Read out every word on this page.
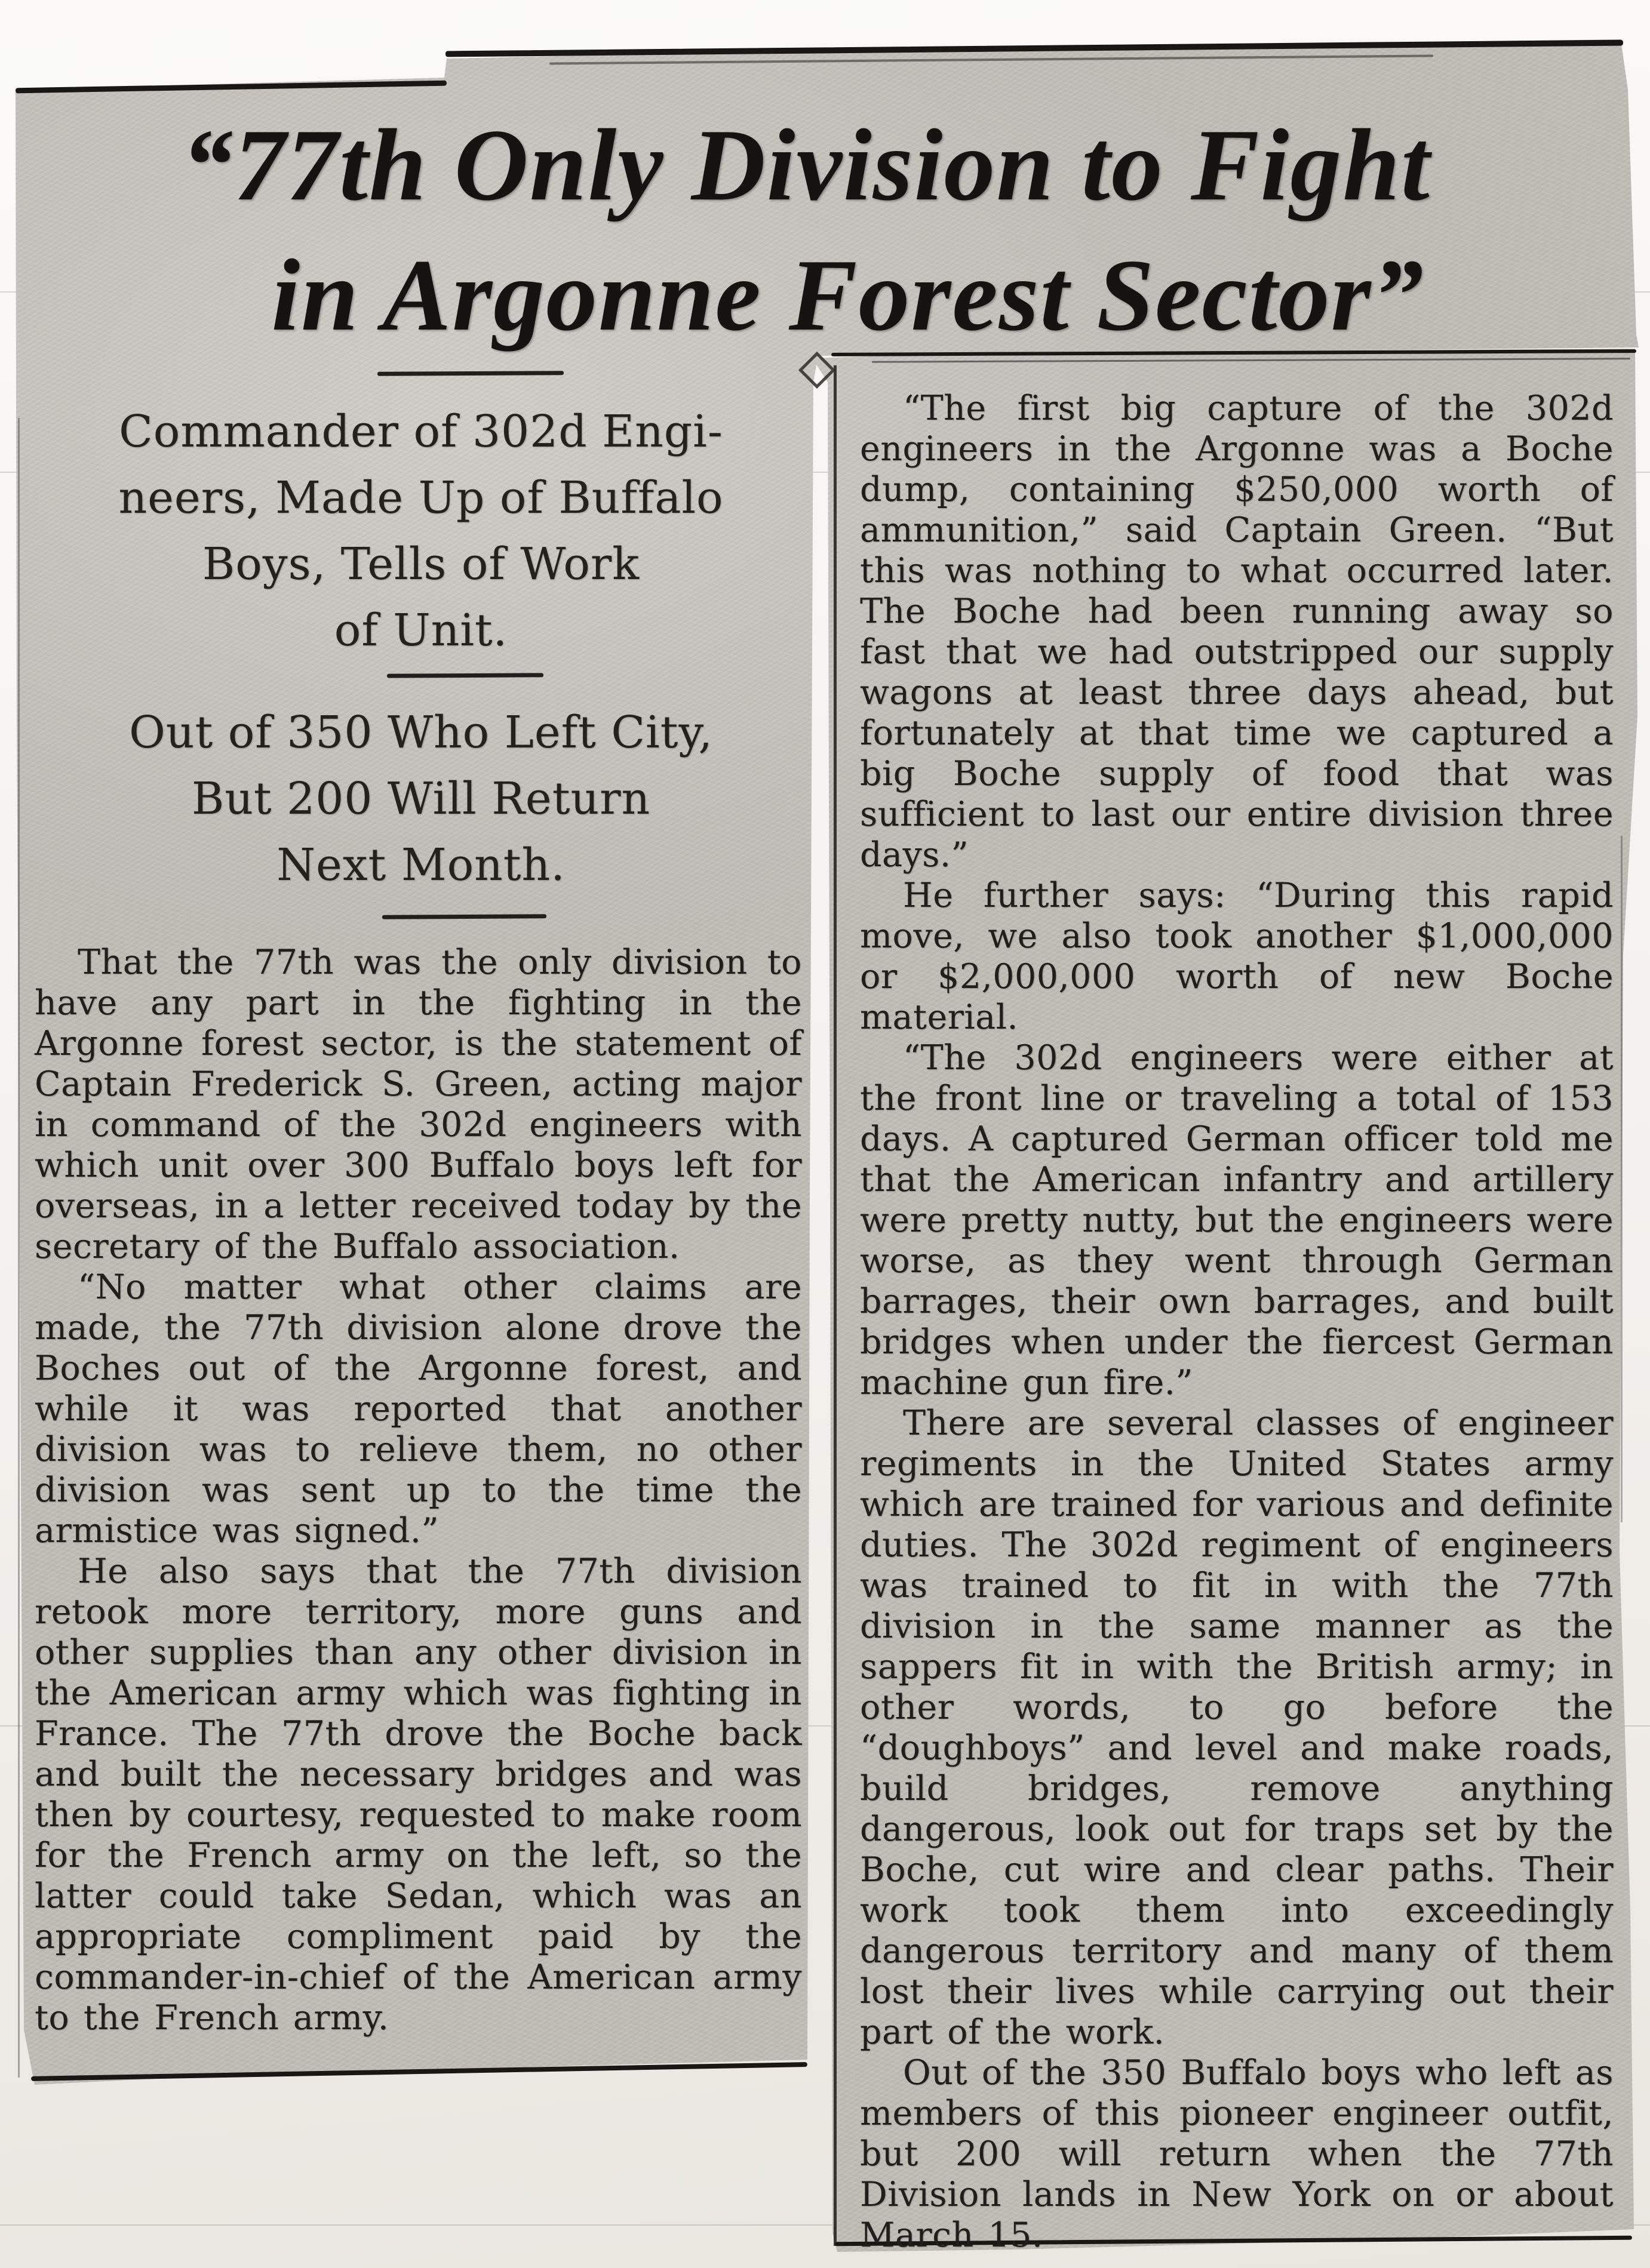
“77th Only Division to Fight
in Argonne Forest Sector”
Commander of 302d Engi-
neers, Made Up of Buffalo
Boys, Tells of Work
of Unit.
Out of 350 Who Left City,
But 200 Will Return
Next Month.

That the 77th was the only division to have any part in the fighting in the Argonne forest sector, is the statement of Captain Frederick S. Green, acting major in command of the 302d engineers with which unit over 300 Buffalo boys left for overseas, in a letter received today by the secretary of the Buffalo association.

“No matter what other claims are made, the 77th division alone drove the Boches out of the Argonne forest, and while it was reported that another division was to relieve them, no other division was sent up to the time the armistice was signed.”

He also says that the 77th division retook more territory, more guns and other supplies than any other division in the American army which was fighting in France. The 77th drove the Boche back and built the necessary bridges and was then by courtesy, requested to make room for the French army on the left, so the latter could take Sedan, which was an appropriate compliment paid by the commander-in-chief of the American army to the French army.

“The first big capture of the 302d engineers in the Argonne was a Boche dump, containing $250,000 worth of ammunition,” said Captain Green. “But this was nothing to what occurred later. The Boche had been running away so fast that we had outstripped our supply wagons at least three days ahead, but fortunately at that time we captured a big Boche supply of food that was sufficient to last our entire division three days.”

He further says: “During this rapid move, we also took another $1,000,000 or $2,000,000 worth of new Boche material.

“The 302d engineers were either at the front line or traveling a total of 153 days. A captured German officer told me that the American infantry and artillery were pretty nutty, but the engineers were worse, as they went through German barrages, their own barrages, and built bridges when under the fiercest German machine gun fire.”

There are several classes of engineer regiments in the United States army which are trained for various and definite duties. The 302d regiment of engineers was trained to fit in with the 77th division in the same manner as the sappers fit in with the British army; in other words, to go before the “doughboys” and level and make roads, build bridges, remove anything dangerous, look out for traps set by the Boche, cut wire and clear paths. Their work took them into exceedingly dangerous territory and many of them lost their lives while carrying out their part of the work.

Out of the 350 Buffalo boys who left as members of this pioneer engineer outfit, but 200 will return when the 77th Division lands in New York on or about March 15.
